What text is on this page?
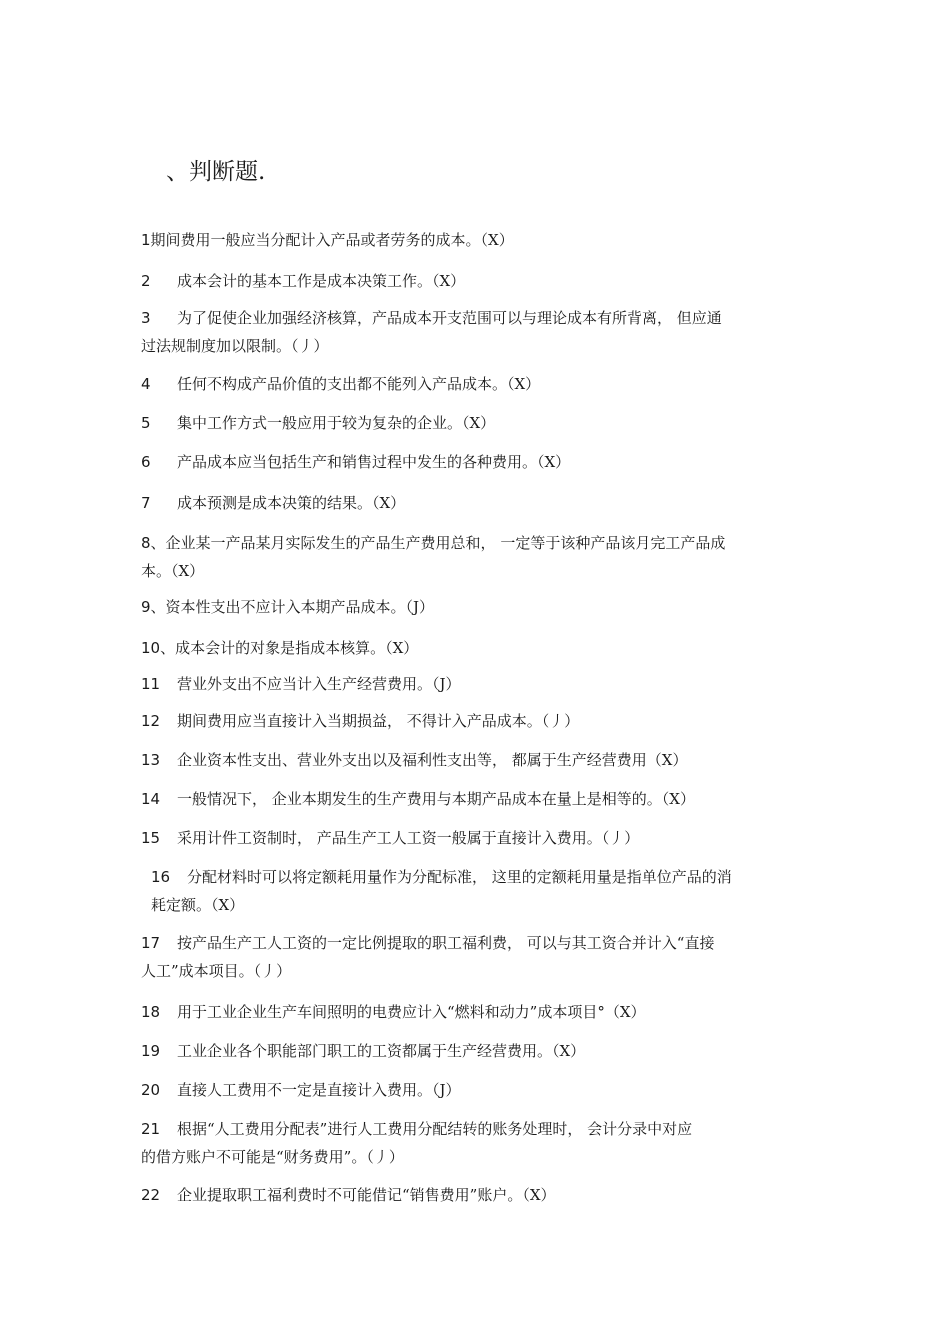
、判断题.
1期间费用一般应当分配计入产品或者劳务的成本。（X）
2 成本会计的基本工作是成本决策工作。（X）
3 为了促使企业加强经济核算，产品成本开支范围可以与理论成本有所背离， 但应通
过法规制度加以限制。（丿）
4 任何不构成产品价值的支出都不能列入产品成本。（X）
5 集中工作方式一般应用于较为复杂的企业。（X）
6 产品成本应当包括生产和销售过程中发生的各种费用。（X）
7 成本预测是成本决策的结果。（X）
8、企业某一产品某月实际发生的产品生产费用总和， 一定等于该种产品该月完工产品成
本。（X）
9、资本性支出不应计入本期产品成本。（J）
10、成本会计的对象是指成本核算。（X）
11 营业外支出不应当计入生产经营费用。（J）
12 期间费用应当直接计入当期损益， 不得计入产品成本。（丿）
13 企业资本性支出、营业外支出以及福利性支出等， 都属于生产经营费用（X）
14 一般情况下， 企业本期发生的生产费用与本期产品成本在量上是相等的。（X）
15 采用计件工资制时， 产品生产工人工资一般属于直接计入费用。（丿）
16 分配材料时可以将定额耗用量作为分配标准， 这里的定额耗用量是指单位产品的消
耗定额。（X）
17 按产品生产工人工资的一定比例提取的职工福利费， 可以与其工资合并计入“直接
人工”成本项目。（丿）
18 用于工业企业生产车间照明的电费应计入“燃料和动力”成本项目°（X）
19 工业企业各个职能部门职工的工资都属于生产经营费用。（X）
20 直接人工费用不一定是直接计入费用。（J）
21 根据“人工费用分配表”进行人工费用分配结转的账务处理时， 会计分录中对应
的借方账户不可能是“财务费用”。（丿）
22 企业提取职工福利费时不可能借记“销售费用”账户。（X）
